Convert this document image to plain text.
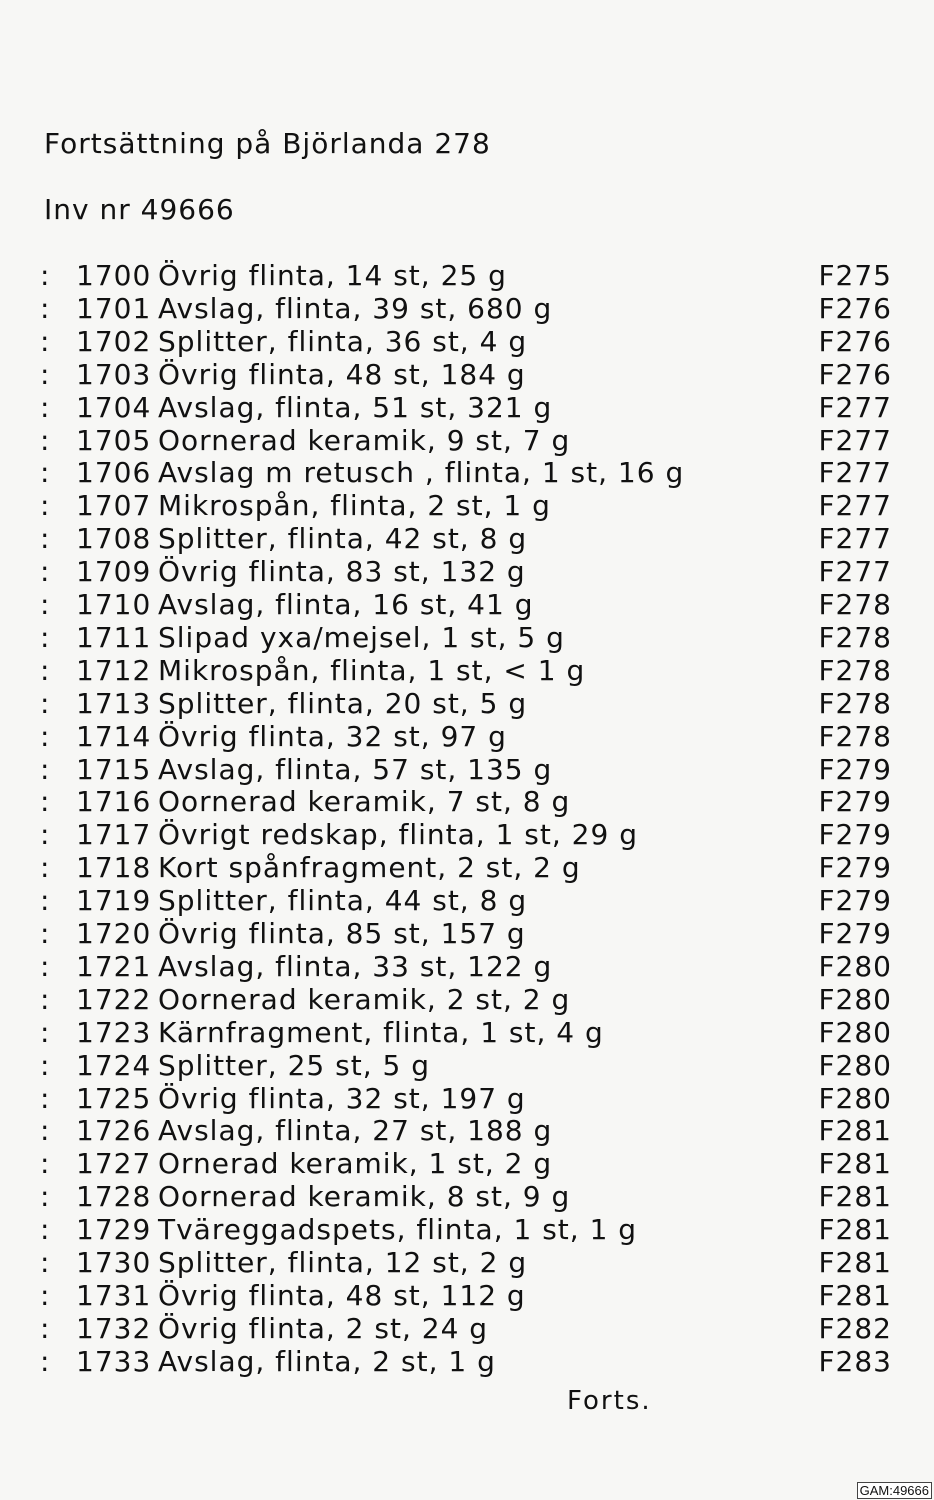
Fortsättning på Björlanda 278
Inv nr 49666
: 1700 Övrig flinta, 14 st, 25 g	F275
: 1701 Avslag, flinta, 39 st, 680 g	F276
: 1702 Splitter, flinta, 36 st, 4 g	F276
: 1703 Övrig flinta, 48 st, 184 g	F276
: 1704 Avslag, flinta, 51 st, 321 g	F277
: 1705 Oornerad keramik, 9 st, 7 g	F277
: 1706 Avslag m retusch , flinta, 1 st, 16 g	F277
: 1707 Mikrospån, flinta, 2 st, 1 g	F277
: 1708 Splitter, flinta, 42 st, 8 g	F277
: 1709 Övrig flinta, 83 st, 132 g	F277
: 1710 Avslag, flinta, 16 st, 41 g	F278
: 1711 Slipad yxa/mejsel, 1 st, 5 g	F278
: 1712 Mikrospån, flinta, 1 st, < 1 g	F278
: 1713 Splitter, flinta, 20 st, 5 g	F278
: 1714 Övrig flinta, 32 st, 97 g	F278
: 1715 Avslag, flinta, 57 st, 135 g	F279
: 1716 Oornerad keramik, 7 st, 8 g	F279
: 1717 Övrigt redskap, flinta, 1 st, 29 g	F279
: 1718 Kort spånfragment, 2 st, 2 g	F279
: 1719 Splitter, flinta, 44 st, 8 g	F279
: 1720 Övrig flinta, 85 st, 157 g	F279
: 1721 Avslag, flinta, 33 st, 122 g	F280
: 1722 Oornerad keramik, 2 st, 2 g	F280
: 1723 Kärnfragment, flinta, 1 st, 4 g	F280
: 1724 Splitter, 25 st, 5 g	F280
: 1725 Övrig flinta, 32 st, 197 g	F280
: 1726 Avslag, flinta, 27 st, 188 g	F281
: 1727 Ornerad keramik, 1 st, 2 g	F281
: 1728 Oornerad keramik, 8 st, 9 g	F281
: 1729 Tväreggadspets, flinta, 1 st, 1 g	F281
: 1730 Splitter, flinta, 12 st, 2 g	F281
: 1731 Övrig flinta, 48 st, 112 g	F281
: 1732 Övrig flinta, 2 st, 24 g	F282
: 1733 Avslag, flinta, 2 st, 1 g	F283
Forts.
GAM:49666
